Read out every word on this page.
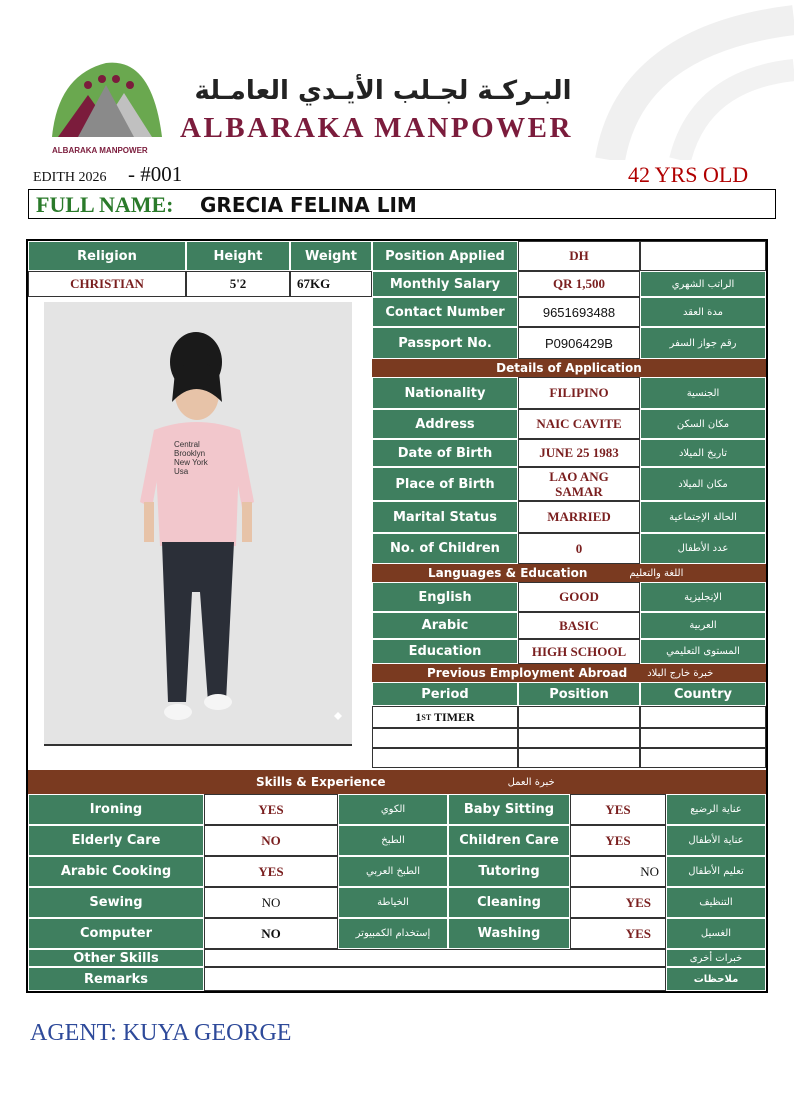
ALBARAKA MANPOWER
البـركـة لجـلب الأيـدي العامـلة
ALBARAKA MANPOWER
EDITH 2026 - #001	42 YRS OLD
FULL NAME: GRECIA FELINA LIM
Religion	Height	Weight
CHRISTIAN	5'2	67KG
Central Brooklyn New York Usa
Position Applied	DH
Monthly Salary	QR 1,500	الراتب الشهري
Contact Number	9651693488	مدة العقد
Passport No.	P0906429B	رقم جواز السفر
Details of Application
Nationality	FILIPINO	الجنسية
Address	NAIC CAVITE	مكان السكن
Date of Birth	JUNE 25 1983	تاريخ الميلاد
Place of Birth	LAO ANG SAMAR	مكان الميلاد
Marital Status	MARRIED	الحالة الإجتماعية
No. of Children	0	عدد الأطفال
Languages & Education	اللغة والتعليم
English	GOOD	الإنجليزية
Arabic	BASIC	العربية
Education	HIGH SCHOOL	المستوى التعليمي
Previous Employment Abroad خبرة خارج البلاد
Period	Position	Country
1 ST TIMER
Skills & Experience	خبرة العمل
Ironing	YES	الكوي	Baby Sitting	YES	عناية الرضيع
Elderly Care	NO	الطبخ	Children Care	YES	عناية الأطفال
Arabic Cooking	YES	الطبخ العربي	Tutoring	NO	تعليم الأطفال
Sewing	NO	الخياطة	Cleaning	YES	التنظيف
Computer	NO	إستخدام الكمبيوتر	Washing	YES	الغسيل
Other Skills	خبرات أخرى
Remarks	ملاحظات
AGENT: KUYA GEORGE
